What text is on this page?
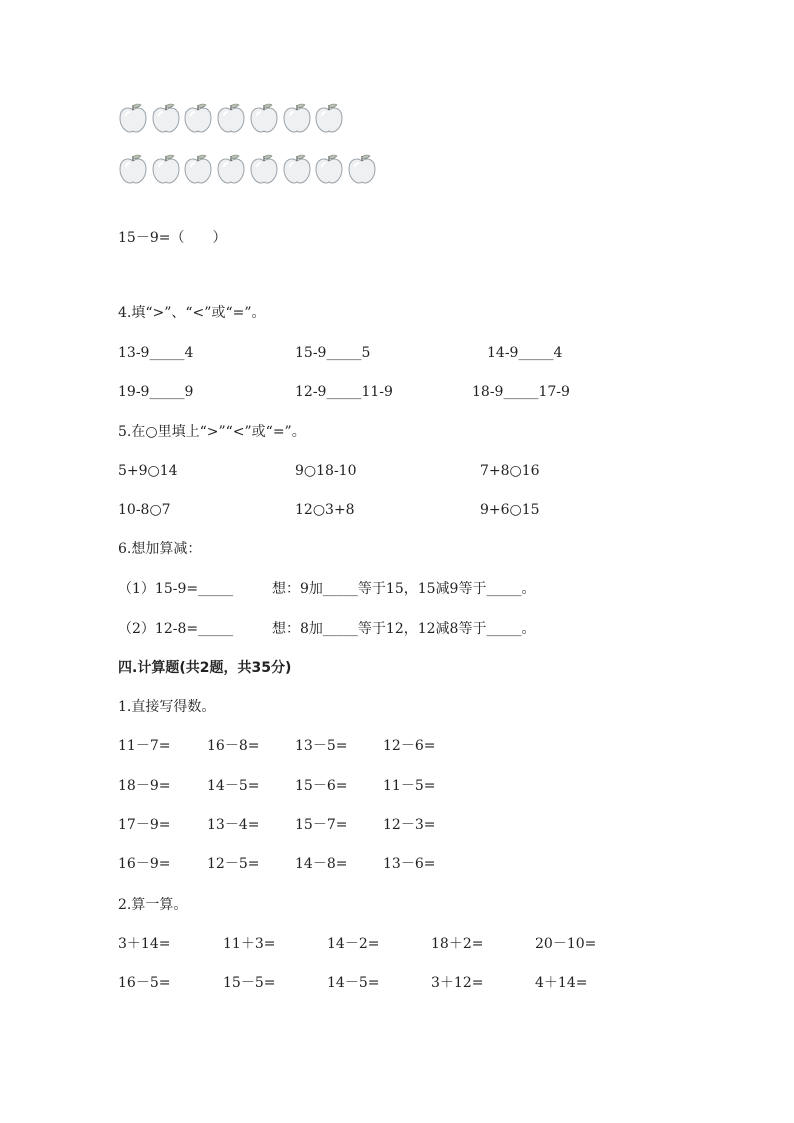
15－9=（　　）
4.填“>”、“<”或“=”。
13-9_____4	15-9_____5	14-9_____4
19-9_____9	12-9_____11-9	18-9_____17-9
5.在○里填上“>”“<”或“=”。
5+9○14	9○18-10	7+8○16
10-8○7	12○3+8	9+6○15
6.想加算减：
（1）15-9=_____	想：9加_____等于15，15减9等于_____。
（2）12-8=_____	想：8加_____等于12，12减8等于_____。
四.计算题(共2题，共35分)
1.直接写得数。
11－7=	16－8=	13－5=	12－6=
18－9=	14－5=	15－6=	11－5=
17－9=	13－4=	15－7=	12－3=
16－9=	12－5=	14－8=	13－6=
2.算一算。
3＋14=	11＋3=	14－2=	18＋2=	20－10=
16－5=	15－5=	14－5=	3＋12=	4＋14=
